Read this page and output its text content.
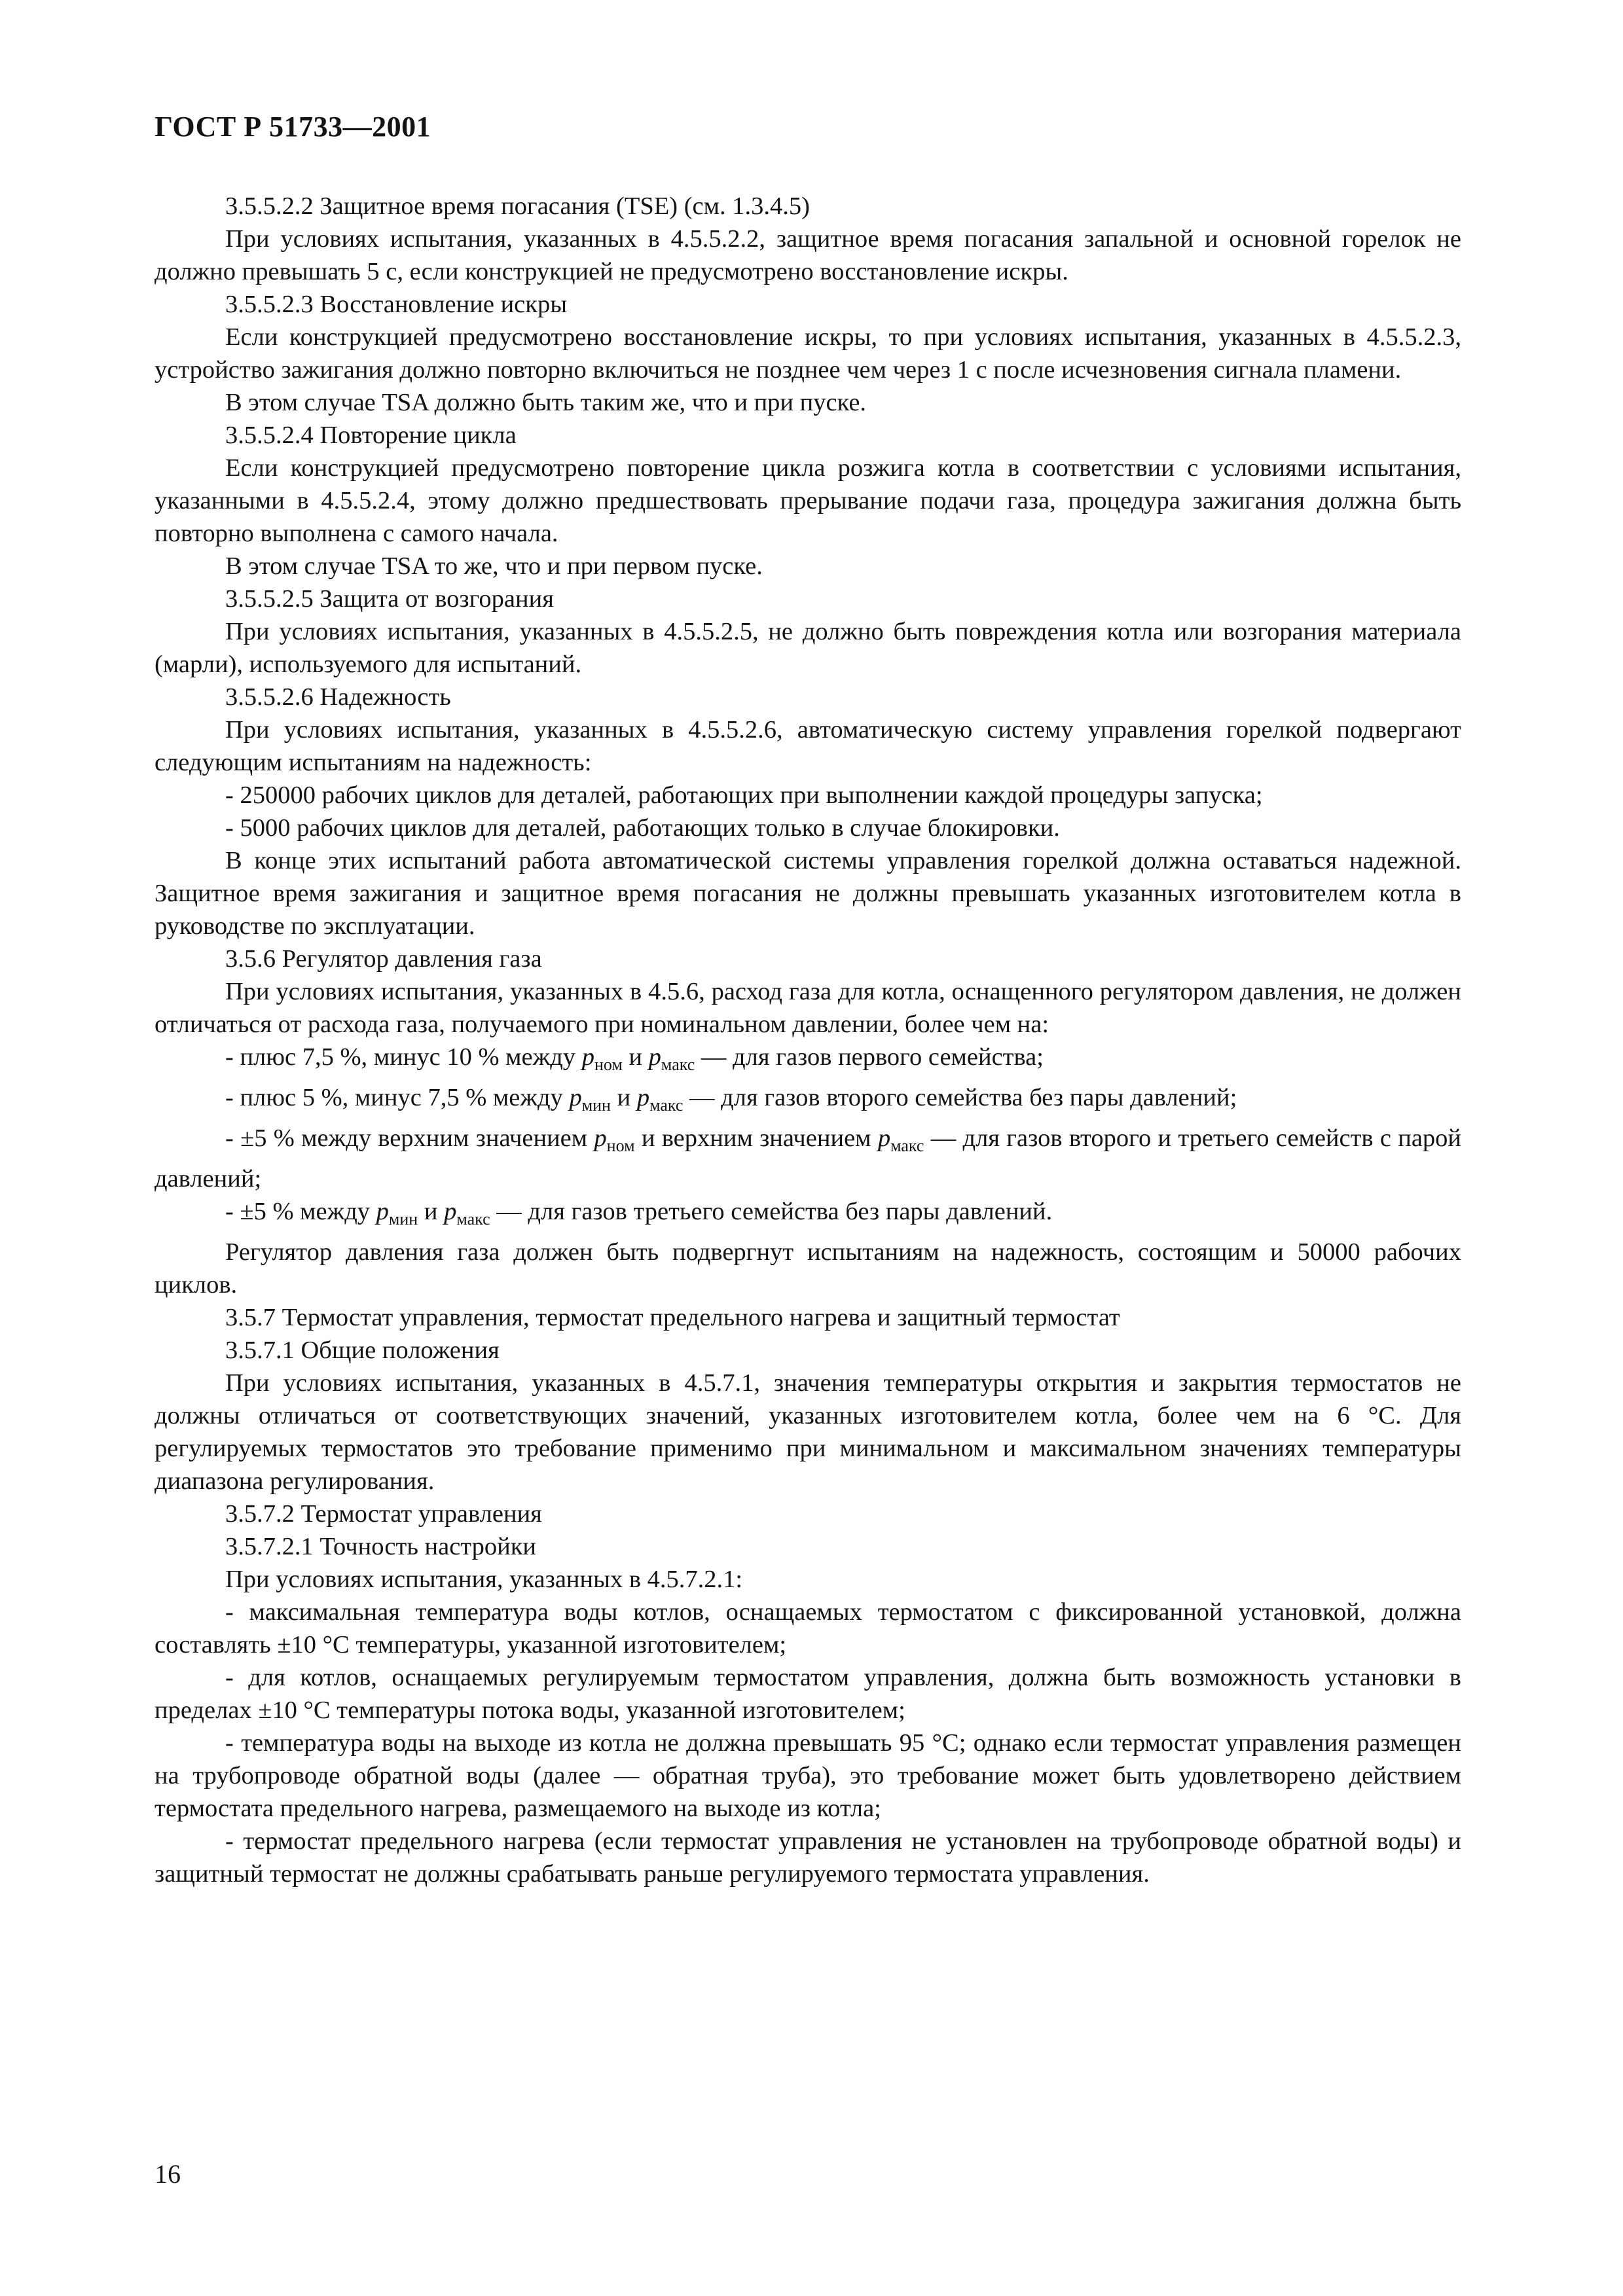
ГОСТ Р 51733—2001

3.5.5.2.2 Защитное время погасания (TSE) (см. 1.3.4.5)

При условиях испытания, указанных в 4.5.5.2.2, защитное время погасания запальной и основной горелок не должно превышать 5 с, если конструкцией не предусмотрено восстановление искры.

3.5.5.2.3 Восстановление искры

Если конструкцией предусмотрено восстановление искры, то при условиях испытания, указанных в 4.5.5.2.3, устройство зажигания должно повторно включиться не позднее чем через 1 с после исчезновения сигнала пламени.

В этом случае TSA должно быть таким же, что и при пуске.

3.5.5.2.4 Повторение цикла

Если конструкцией предусмотрено повторение цикла розжига котла в соответствии с условиями испытания, указанными в 4.5.5.2.4, этому должно предшествовать прерывание подачи газа, процедура зажигания должна быть повторно выполнена с самого начала.

В этом случае TSA то же, что и при первом пуске.

3.5.5.2.5 Защита от возгорания

При условиях испытания, указанных в 4.5.5.2.5, не должно быть повреждения котла или возгорания материала (марли), используемого для испытаний.

3.5.5.2.6 Надежность

При условиях испытания, указанных в 4.5.5.2.6, автоматическую систему управления горелкой подвергают следующим испытаниям на надежность:

- 250000 рабочих циклов для деталей, работающих при выполнении каждой процедуры запуска;

- 5000 рабочих циклов для деталей, работающих только в случае блокировки.

В конце этих испытаний работа автоматической системы управления горелкой должна оставаться надежной. Защитное время зажигания и защитное время погасания не должны превышать указанных изготовителем котла в руководстве по эксплуатации.

3.5.6 Регулятор давления газа

При условиях испытания, указанных в 4.5.6, расход газа для котла, оснащенного регулятором давления, не должен отличаться от расхода газа, получаемого при номинальном давлении, более чем на:

- плюс 7,5 %, минус 10 % между $p_{ном}$ и $p_{макс}$ — для газов первого семейства;

- плюс 5 %, минус 7,5 % между $p_{мин}$ и $p_{макс}$ — для газов второго семейства без пары давлений;

- ±5 % между верхним значением $p_{ном}$ и верхним значением $p_{макс}$ — для газов второго и третьего семейств с парой давлений;

- ±5 % между $p_{мин}$ и $p_{макс}$ — для газов третьего семейства без пары давлений.

Регулятор давления газа должен быть подвергнут испытаниям на надежность, состоящим и 50000 рабочих циклов.

3.5.7 Термостат управления, термостат предельного нагрева и защитный термостат

3.5.7.1 Общие положения

При условиях испытания, указанных в 4.5.7.1, значения температуры открытия и закрытия термостатов не должны отличаться от соответствующих значений, указанных изготовителем котла, более чем на 6 °С. Для регулируемых термостатов это требование применимо при минимальном и максимальном значениях температуры диапазона регулирования.

3.5.7.2 Термостат управления

3.5.7.2.1 Точность настройки

При условиях испытания, указанных в 4.5.7.2.1:

- максимальная температура воды котлов, оснащаемых термостатом с фиксированной установкой, должна составлять ±10 °С температуры, указанной изготовителем;

- для котлов, оснащаемых регулируемым термостатом управления, должна быть возможность установки в пределах ±10 °С температуры потока воды, указанной изготовителем;

- температура воды на выходе из котла не должна превышать 95 °С; однако если термостат управления размещен на трубопроводе обратной воды (далее — обратная труба), это требование может быть удовлетворено действием термостата предельного нагрева, размещаемого на выходе из котла;

- термостат предельного нагрева (если термостат управления не установлен на трубопроводе обратной воды) и защитный термостат не должны срабатывать раньше регулируемого термостата управления.

16
